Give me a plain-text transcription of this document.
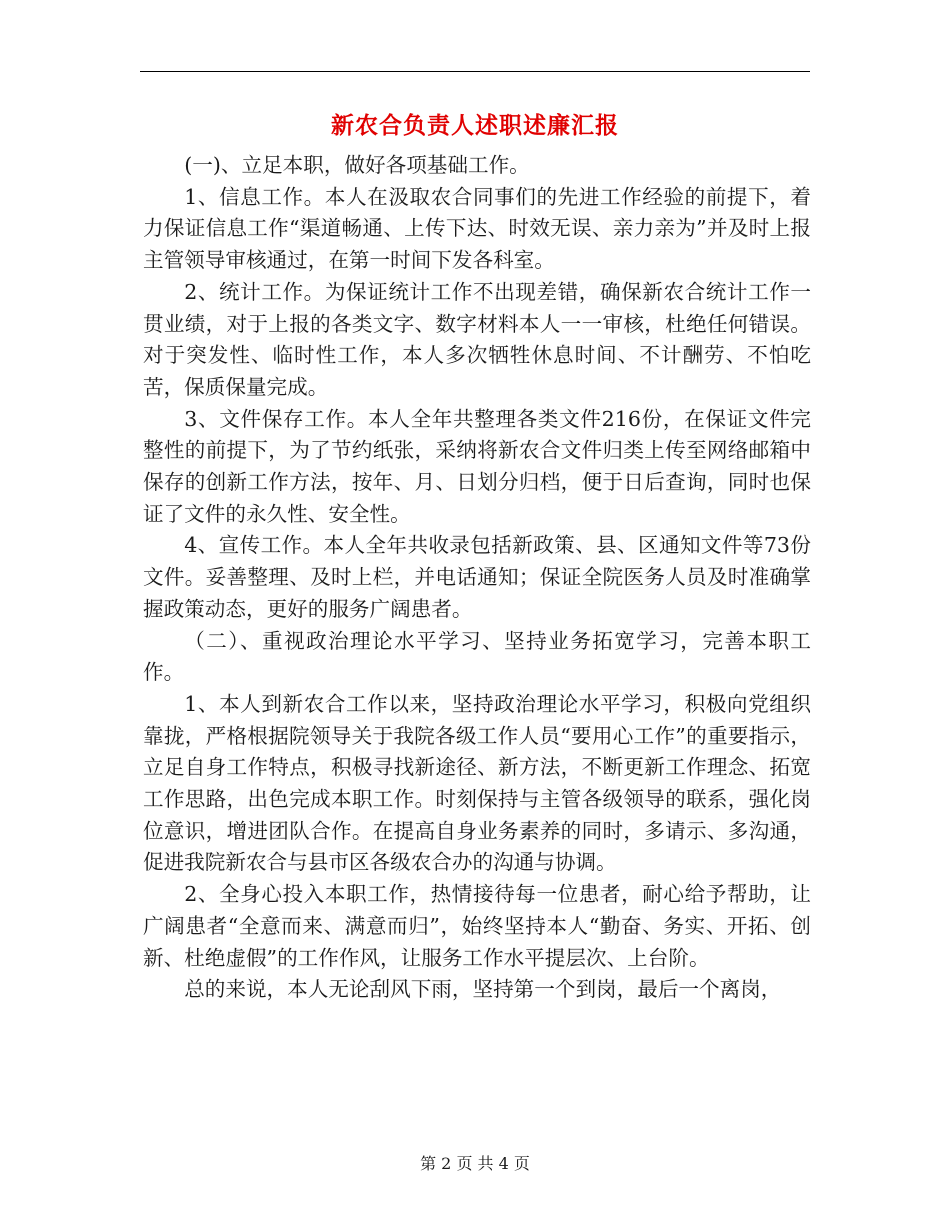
新农合负责人述职述廉汇报

(一)、立足本职，做好各项基础工作。

1、信息工作。本人在汲取农合同事们的先进工作经验的前提下，着力保证信息工作“渠道畅通、上传下达、时效无误、亲力亲为”并及时上报主管领导审核通过，在第一时间下发各科室。

2、统计工作。为保证统计工作不出现差错，确保新农合统计工作一贯业绩，对于上报的各类文字、数字材料本人一一审核，杜绝任何错误。对于突发性、临时性工作，本人多次牺牲休息时间、不计酬劳、不怕吃苦，保质保量完成。

3、文件保存工作。本人全年共整理各类文件216份，在保证文件完整性的前提下，为了节约纸张，采纳将新农合文件归类上传至网络邮箱中保存的创新工作方法，按年、月、日划分归档，便于日后查询，同时也保证了文件的永久性、安全性。

4、宣传工作。本人全年共收录包括新政策、县、区通知文件等73份文件。妥善整理、及时上栏，并电话通知；保证全院医务人员及时准确掌握政策动态，更好的服务广阔患者。

（二）、重视政治理论水平学习、坚持业务拓宽学习，完善本职工作。

1、本人到新农合工作以来，坚持政治理论水平学习，积极向党组织靠拢，严格根据院领导关于我院各级工作人员“要用心工作”的重要指示，立足自身工作特点，积极寻找新途径、新方法，不断更新工作理念、拓宽工作思路，出色完成本职工作。时刻保持与主管各级领导的联系，强化岗位意识，增进团队合作。在提高自身业务素养的同时，多请示、多沟通，促进我院新农合与县市区各级农合办的沟通与协调。

2、全身心投入本职工作，热情接待每一位患者，耐心给予帮助，让广阔患者“全意而来、满意而归”，始终坚持本人“勤奋、务实、开拓、创新、杜绝虚假”的工作作风，让服务工作水平提层次、上台阶。

总的来说，本人无论刮风下雨，坚持第一个到岗，最后一个离岗，

第 2 页 共 4 页
